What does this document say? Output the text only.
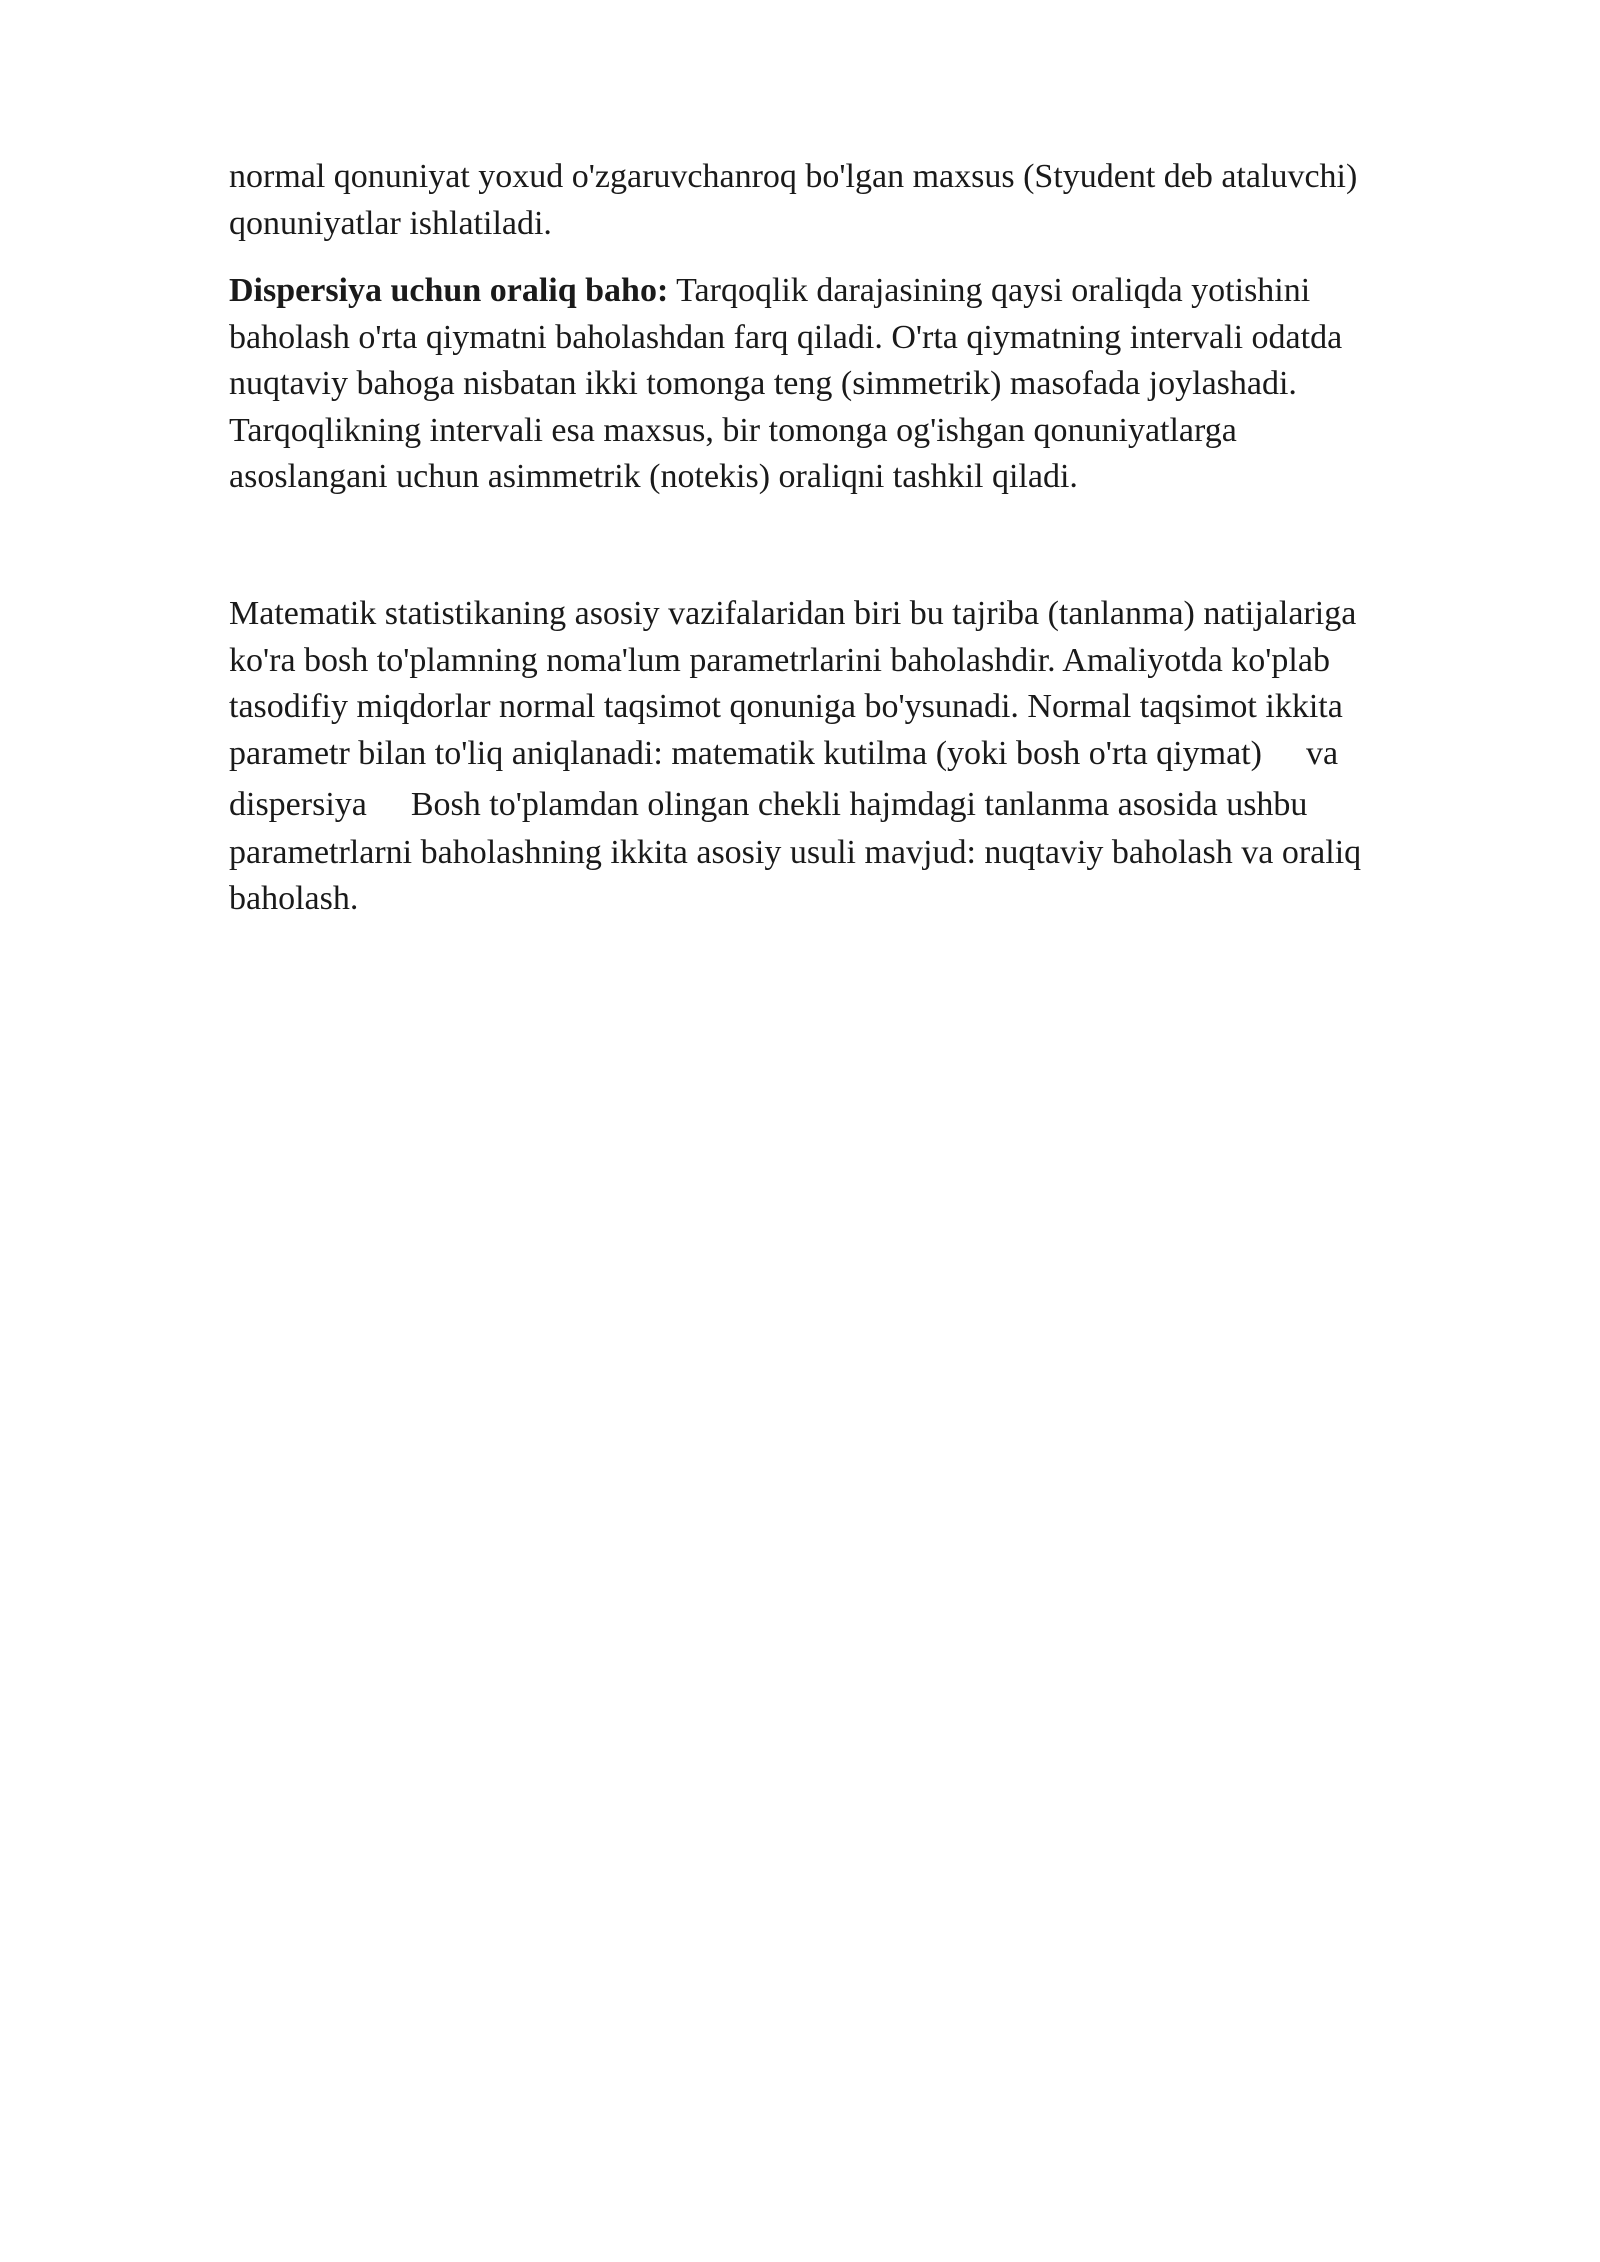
normal qonuniyat yoxud o'zgaruvchanroq bo'lgan maxsus (Styudent deb ataluvchi)
qonuniyatlar ishlatiladi.
Dispersiya uchun oraliq baho: Tarqoqlik darajasining qaysi oraliqda yotishini
baholash o'rta qiymatni baholashdan farq qiladi. O'rta qiymatning intervali odatda
nuqtaviy bahoga nisbatan ikki tomonga teng (simmetrik) masofada joylashadi.
Tarqoqlikning intervali esa maxsus, bir tomonga og'ishgan qonuniyatlarga
asoslangani uchun asimmetrik (notekis) oraliqni tashkil qiladi.
Matematik statistikaning asosiy vazifalaridan biri bu tajriba (tanlanma) natijalariga
ko'ra bosh to'plamning noma'lum parametrlarini baholashdir. Amaliyotda ko'plab
tasodifiy miqdorlar normal taqsimot qonuniga bo'ysunadi. Normal taqsimot ikkita
parametr bilan to'liq aniqlanadi: matematik kutilma (yoki bosh o'rta qiymat) va
dispersiya Bosh to'plamdan olingan chekli hajmdagi tanlanma asosida ushbu
parametrlarni baholashning ikkita asosiy usuli mavjud: nuqtaviy baholash va oraliq
baholash.
